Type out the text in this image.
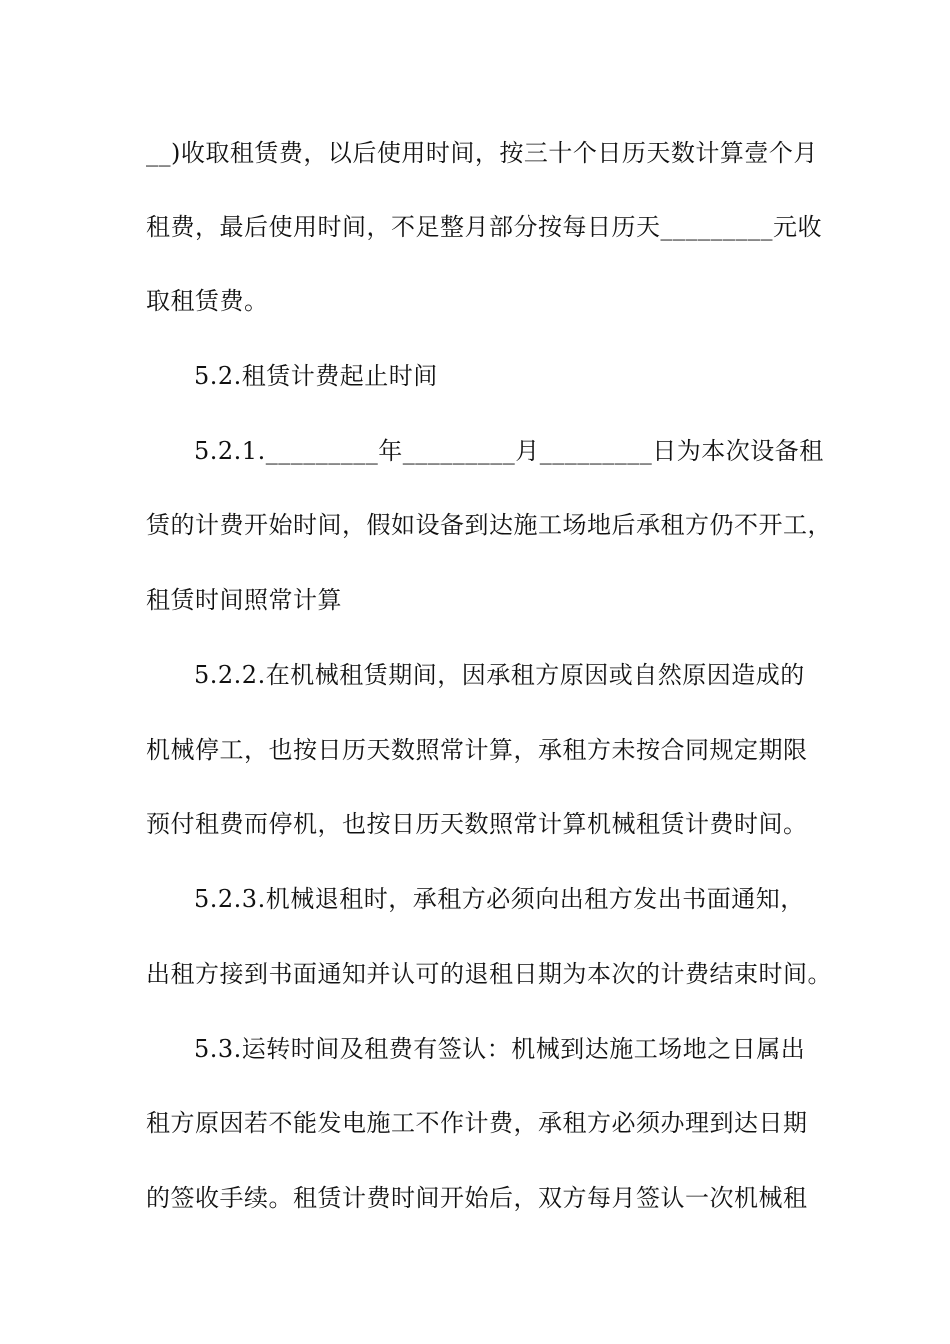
__)收取租赁费，以后使用时间，按三十个日历天数计算壹个月
租费，最后使用时间，不足整月部分按每日历天_________元收
取租赁费。
5.2.租赁计费起止时间
5.2.1._________年_________月_________日为本次设备租
赁的计费开始时间，假如设备到达施工场地后承租方仍不开工，
租赁时间照常计算
5.2.2.在机械租赁期间，因承租方原因或自然原因造成的
机械停工，也按日历天数照常计算，承租方未按合同规定期限
预付租费而停机，也按日历天数照常计算机械租赁计费时间。
5.2.3.机械退租时，承租方必须向出租方发出书面通知，
出租方接到书面通知并认可的退租日期为本次的计费结束时间。
5.3.运转时间及租费有签认：机械到达施工场地之日属出
租方原因若不能发电施工不作计费，承租方必须办理到达日期
的签收手续。租赁计费时间开始后，双方每月签认一次机械租
